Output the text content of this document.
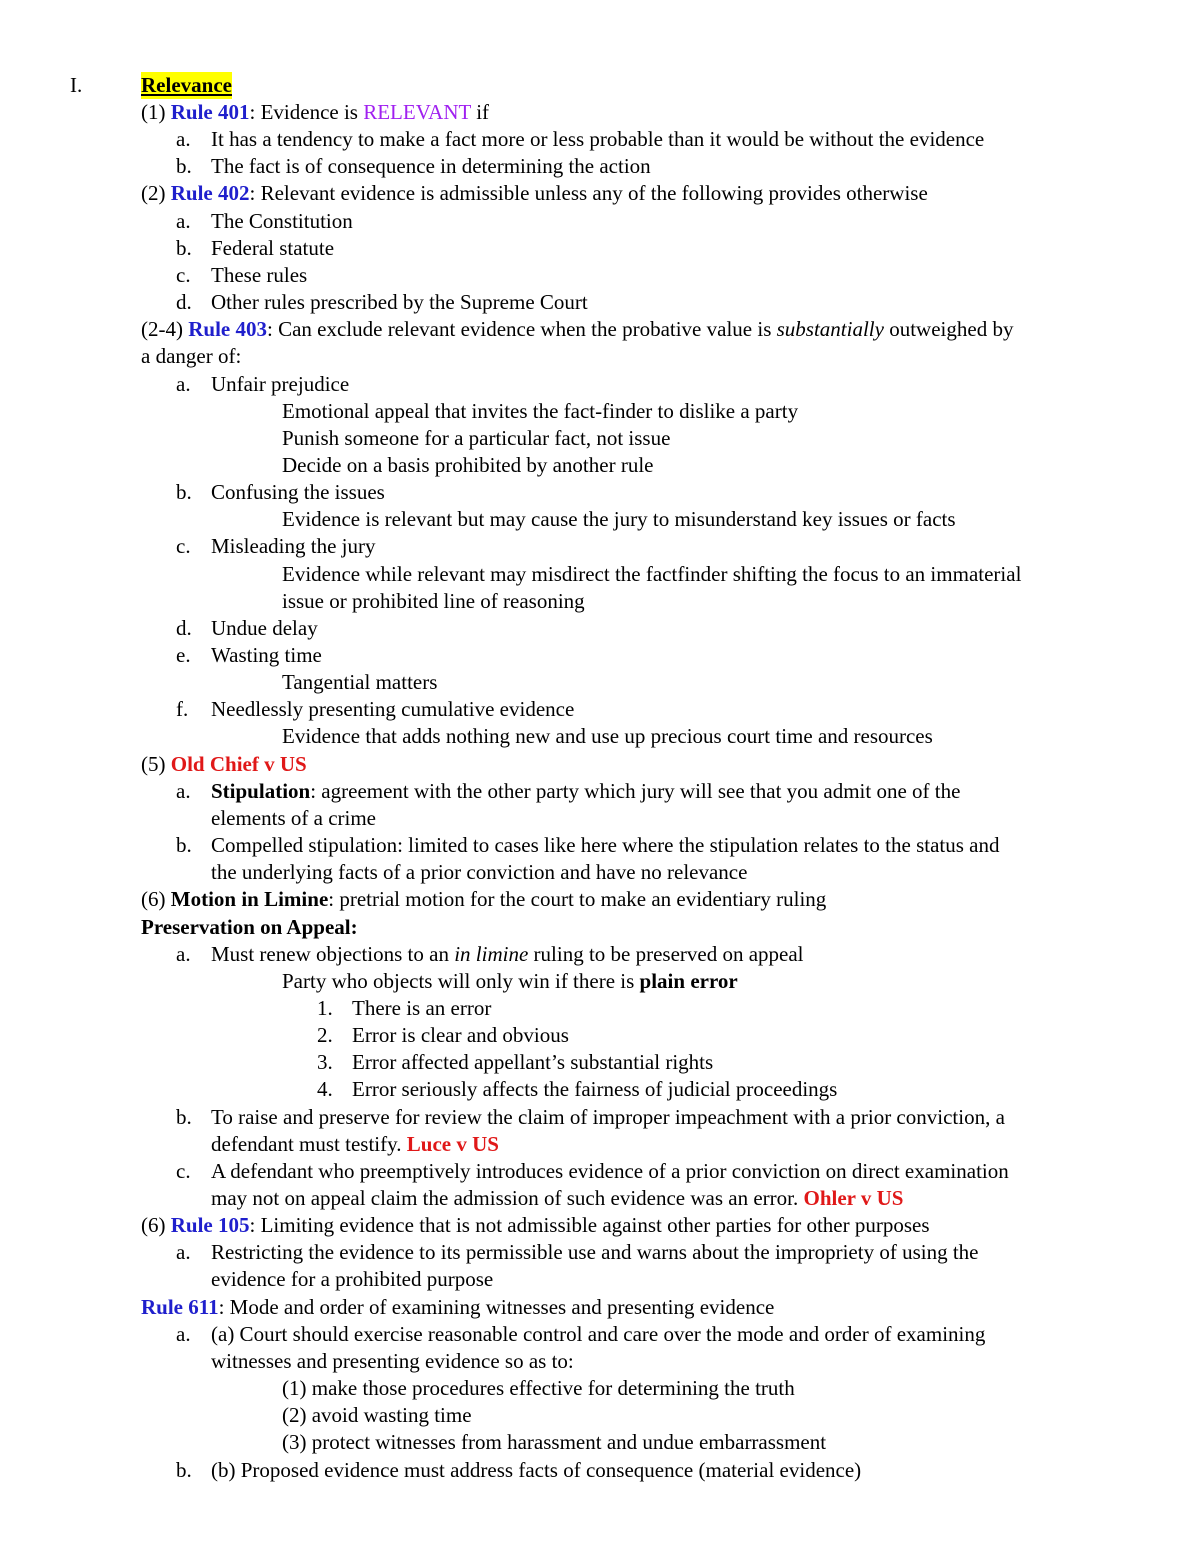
I.	Relevance
(1) Rule 401: Evidence is RELEVANT if
a. It has a tendency to make a fact more or less probable than it would be without the evidence
b. The fact is of consequence in determining the action
(2) Rule 402: Relevant evidence is admissible unless any of the following provides otherwise
a. The Constitution
b. Federal statute
c. These rules
d. Other rules prescribed by the Supreme Court
(2-4) Rule 403: Can exclude relevant evidence when the probative value is substantially outweighed by
a danger of:
a. Unfair prejudice
Emotional appeal that invites the fact-finder to dislike a party
Punish someone for a particular fact, not issue
Decide on a basis prohibited by another rule
b. Confusing the issues
Evidence is relevant but may cause the jury to misunderstand key issues or facts
c. Misleading the jury
Evidence while relevant may misdirect the factfinder shifting the focus to an immaterial
issue or prohibited line of reasoning
d. Undue delay
e. Wasting time
Tangential matters
f. Needlessly presenting cumulative evidence
Evidence that adds nothing new and use up precious court time and resources
(5) Old Chief v US
a. Stipulation: agreement with the other party which jury will see that you admit one of the
elements of a crime
b. Compelled stipulation: limited to cases like here where the stipulation relates to the status and
the underlying facts of a prior conviction and have no relevance
(6) Motion in Limine: pretrial motion for the court to make an evidentiary ruling
Preservation on Appeal:
a. Must renew objections to an in limine ruling to be preserved on appeal
Party who objects will only win if there is plain error
1. There is an error
2. Error is clear and obvious
3. Error affected appellant’s substantial rights
4. Error seriously affects the fairness of judicial proceedings
b. To raise and preserve for review the claim of improper impeachment with a prior conviction, a
defendant must testify. Luce v US
c. A defendant who preemptively introduces evidence of a prior conviction on direct examination
may not on appeal claim the admission of such evidence was an error. Ohler v US
(6) Rule 105: Limiting evidence that is not admissible against other parties for other purposes
a. Restricting the evidence to its permissible use and warns about the impropriety of using the
evidence for a prohibited purpose
Rule 611: Mode and order of examining witnesses and presenting evidence
a. (a) Court should exercise reasonable control and care over the mode and order of examining
witnesses and presenting evidence so as to:
(1) make those procedures effective for determining the truth
(2) avoid wasting time
(3) protect witnesses from harassment and undue embarrassment
b. (b) Proposed evidence must address facts of consequence (material evidence)
